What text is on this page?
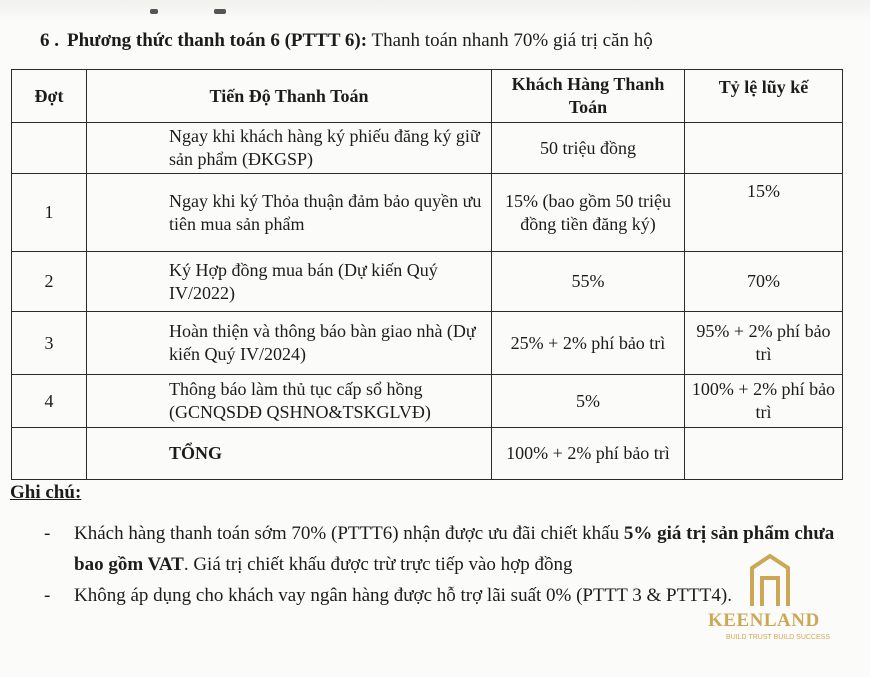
6 . Phương thức thanh toán 6 (PTTT 6): Thanh toán nhanh 70% giá trị căn hộ
Đợt	Tiến Độ Thanh Toán	Khách Hàng Thanh Toán	Tỷ lệ lũy kế
	Ngay khi khách hàng ký phiếu đăng ký giữ sản phẩm (ĐKGSP)	50 triệu đồng	
1	Ngay khi ký Thỏa thuận đảm bảo quyền ưu tiên mua sản phẩm	15% (bao gồm 50 triệu đồng tiền đăng ký)	15%
2	Ký Hợp đồng mua bán (Dự kiến Quý IV/2022)	55%	70%
3	Hoàn thiện và thông báo bàn giao nhà (Dự kiến Quý IV/2024)	25% + 2% phí bảo trì	95% + 2% phí bảo trì
4	Thông báo làm thủ tục cấp sổ hồng (GCNQSDĐ QSHNO&TSKGLVĐ)	5%	100% + 2% phí bảo trì
	TỔNG	100% + 2% phí bảo trì	
Ghi chú:
- Khách hàng thanh toán sớm 70% (PTTT6) nhận được ưu đãi chiết khấu 5% giá trị sản phẩm chưa bao gồm VAT. Giá trị chiết khấu được trừ trực tiếp vào hợp đồng
- Không áp dụng cho khách vay ngân hàng được hỗ trợ lãi suất 0% (PTTT 3 & PTTT4).
KEENLAND
BUILD TRUST BUILD SUCCESS
